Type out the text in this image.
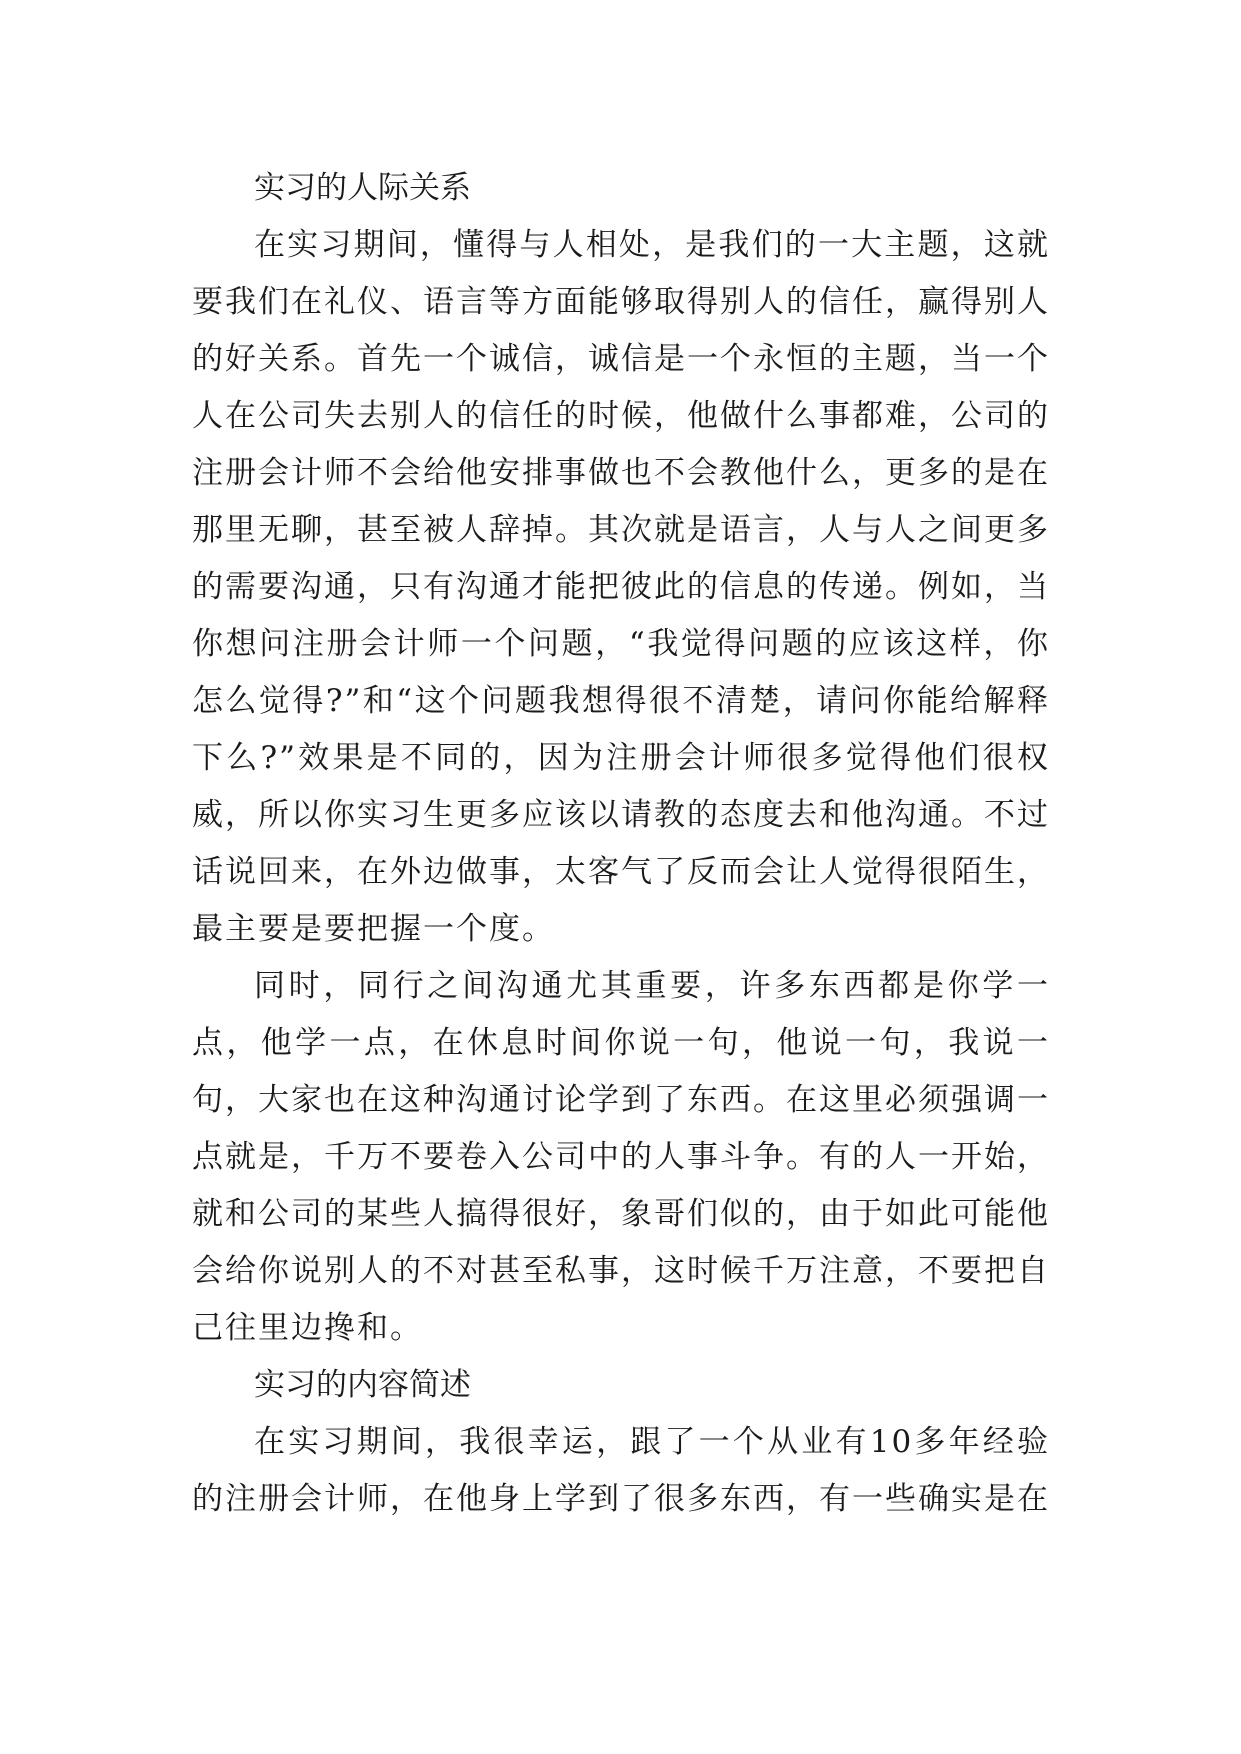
实习的人际关系

在实习期间，懂得与人相处，是我们的一大主题，这就要我们在礼仪、语言等方面能够取得别人的信任，赢得别人的好关系。首先一个诚信，诚信是一个永恒的主题，当一个人在公司失去别人的信任的时候，他做什么事都难，公司的注册会计师不会给他安排事做也不会教他什么，更多的是在那里无聊，甚至被人辞掉。其次就是语言，人与人之间更多的需要沟通，只有沟通才能把彼此的信息的传递。例如，当你想问注册会计师一个问题，“我觉得问题的应该这样，你怎么觉得?”和“这个问题我想得很不清楚，请问你能给解释下么?”效果是不同的，因为注册会计师很多觉得他们很权威，所以你实习生更多应该以请教的态度去和他沟通。不过话说回来，在外边做事，太客气了反而会让人觉得很陌生，最主要是要把握一个度。

同时，同行之间沟通尤其重要，许多东西都是你学一点，他学一点，在休息时间你说一句，他说一句，我说一句，大家也在这种沟通讨论学到了东西。在这里必须强调一点就是，千万不要卷入公司中的人事斗争。有的人一开始，就和公司的某些人搞得很好，象哥们似的，由于如此可能他会给你说别人的不对甚至私事，这时候千万注意，不要把自己往里边搀和。

实习的内容简述

在实习期间，我很幸运，跟了一个从业有10多年经验的注册会计师，在他身上学到了很多东西，有一些确实是在
